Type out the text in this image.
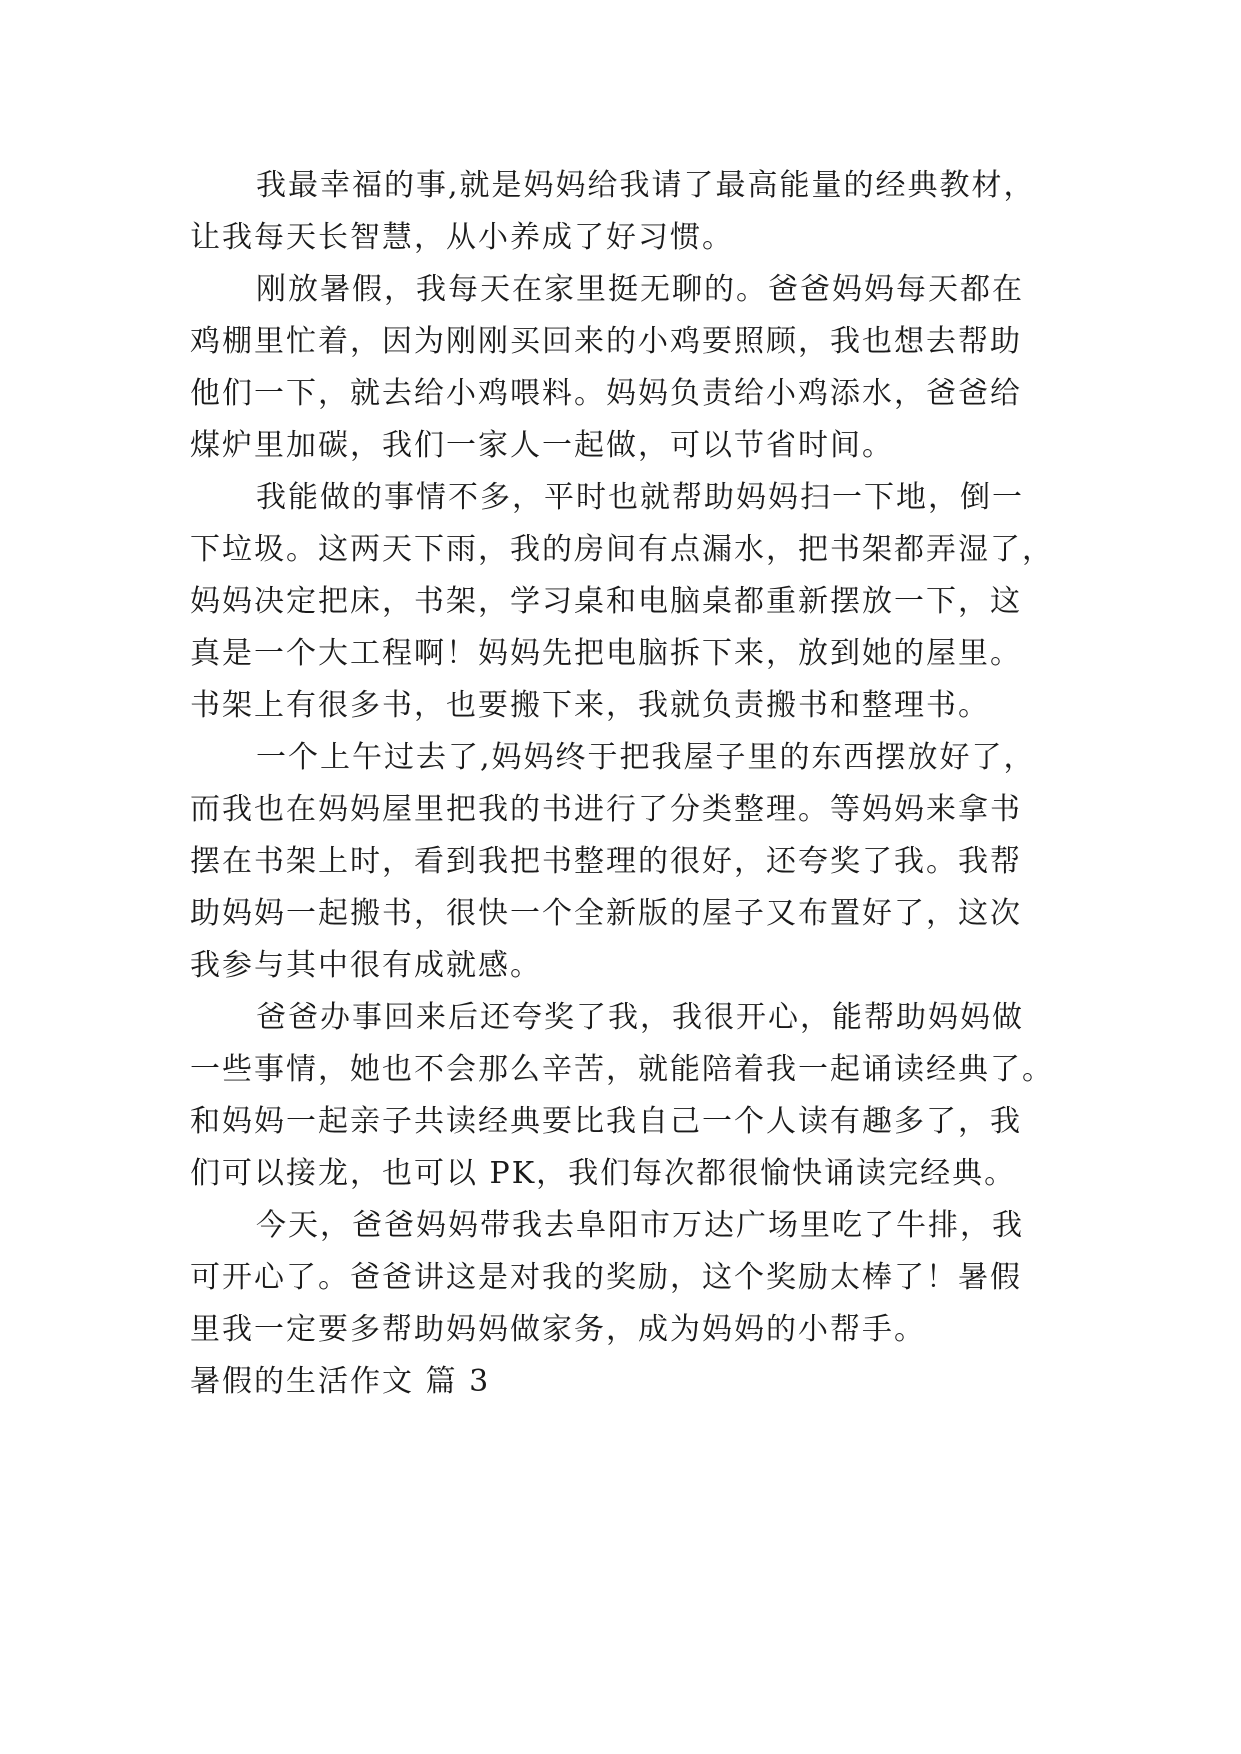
我最幸福的事,就是妈妈给我请了最高能量的经典教材，
让我每天长智慧，从小养成了好习惯。
刚放暑假，我每天在家里挺无聊的。爸爸妈妈每天都在
鸡棚里忙着，因为刚刚买回来的小鸡要照顾，我也想去帮助
他们一下，就去给小鸡喂料。妈妈负责给小鸡添水，爸爸给
煤炉里加碳，我们一家人一起做，可以节省时间。
我能做的事情不多，平时也就帮助妈妈扫一下地，倒一
下垃圾。这两天下雨，我的房间有点漏水，把书架都弄湿了，
妈妈决定把床，书架，学习桌和电脑桌都重新摆放一下，这
真是一个大工程啊！妈妈先把电脑拆下来，放到她的屋里。
书架上有很多书，也要搬下来，我就负责搬书和整理书。
一个上午过去了,妈妈终于把我屋子里的东西摆放好了，
而我也在妈妈屋里把我的书进行了分类整理。等妈妈来拿书
摆在书架上时，看到我把书整理的很好，还夸奖了我。我帮
助妈妈一起搬书，很快一个全新版的屋子又布置好了，这次
我参与其中很有成就感。
爸爸办事回来后还夸奖了我，我很开心，能帮助妈妈做
一些事情，她也不会那么辛苦，就能陪着我一起诵读经典了。
和妈妈一起亲子共读经典要比我自己一个人读有趣多了，我
们可以接龙，也可以 PK，我们每次都很愉快诵读完经典。
今天，爸爸妈妈带我去阜阳市万达广场里吃了牛排，我
可开心了。爸爸讲这是对我的奖励，这个奖励太棒了！暑假
里我一定要多帮助妈妈做家务，成为妈妈的小帮手。
暑假的生活作文 篇 3
